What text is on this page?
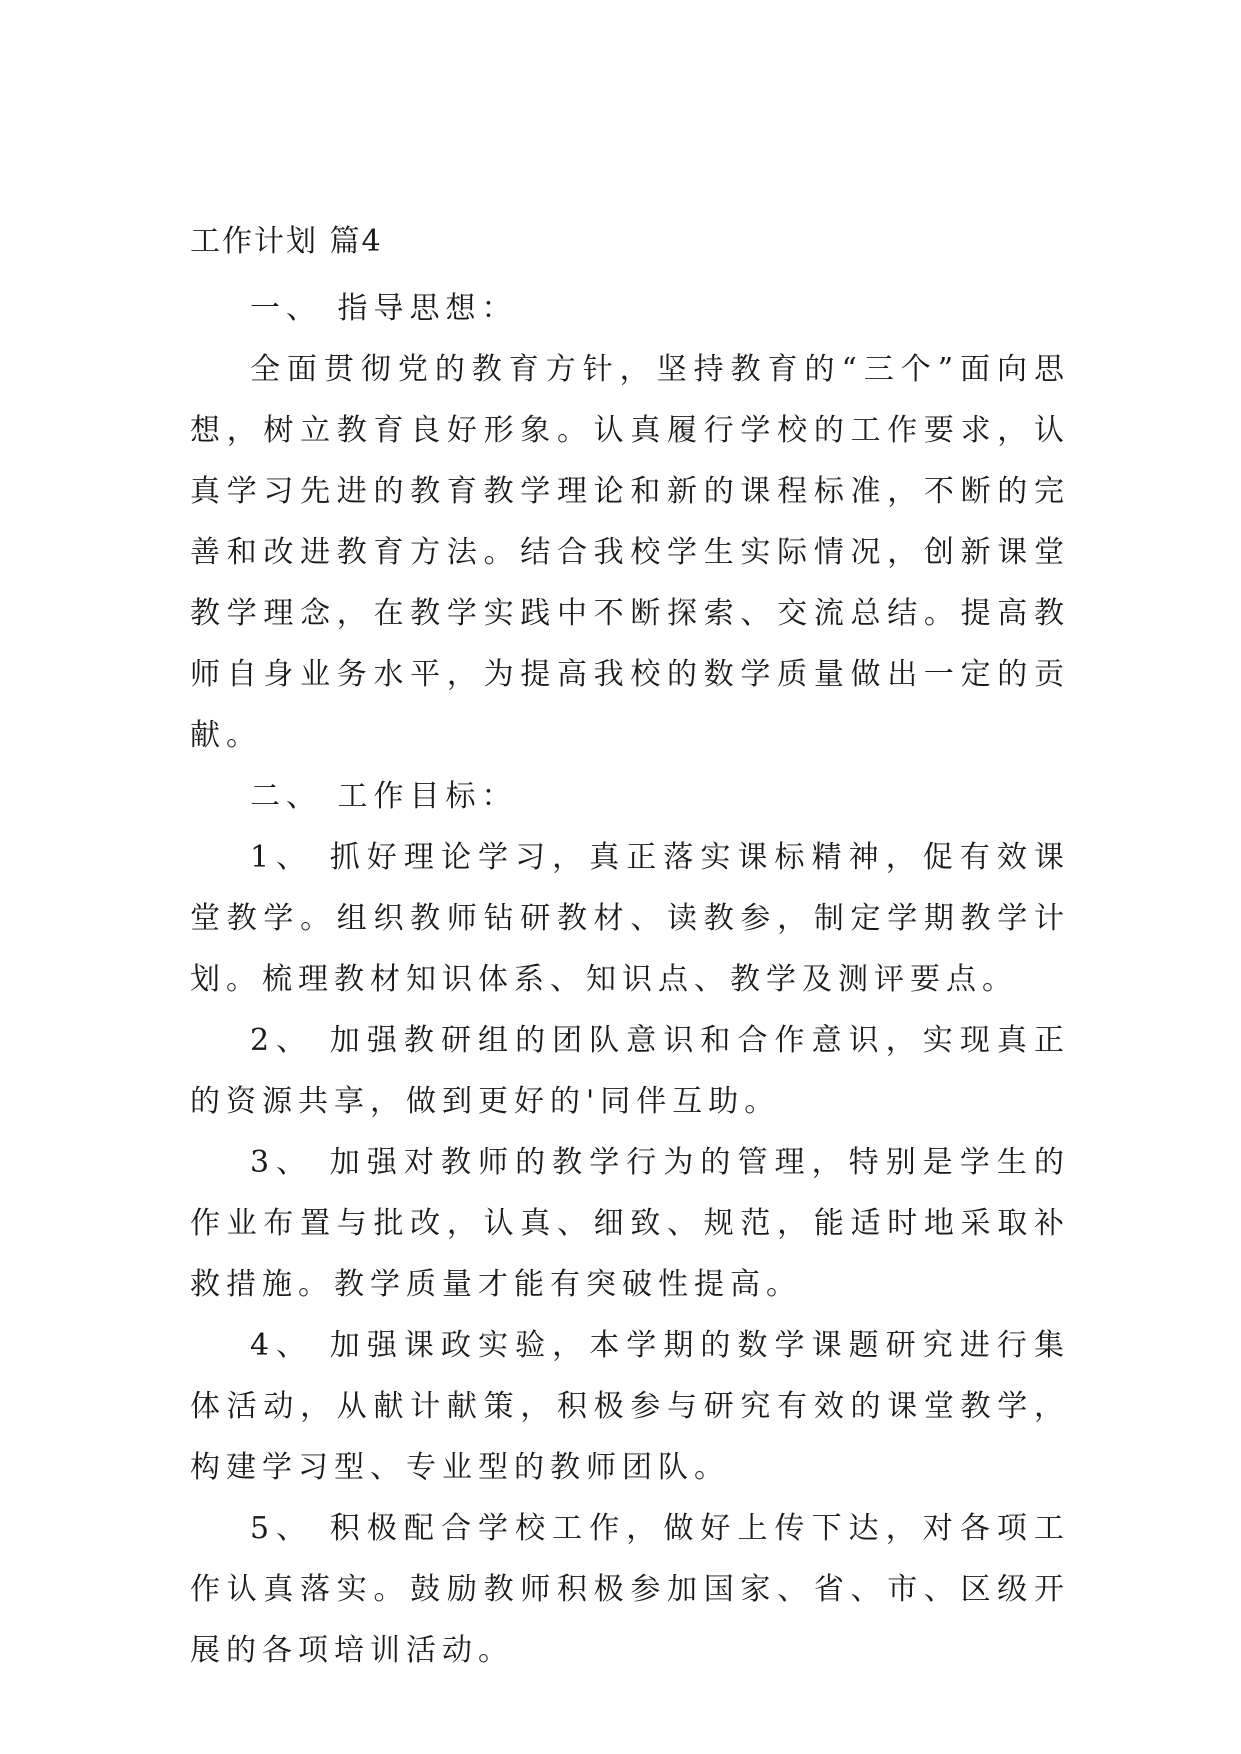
工作计划 篇4

一、 指导思想：

全面贯彻党的教育方针，坚持教育的“三个”面向思想，树立教育良好形象。认真履行学校的工作要求，认真学习先进的教育教学理论和新的课程标准，不断的完善和改进教育方法。结合我校学生实际情况，创新课堂教学理念，在教学实践中不断探索、交流总结。提高教师自身业务水平，为提高我校的数学质量做出一定的贡献。

二、 工作目标：

1、 抓好理论学习，真正落实课标精神，促有效课堂教学。组织教师钻研教材、读教参，制定学期教学计划。梳理教材知识体系、知识点、教学及测评要点。

2、 加强教研组的团队意识和合作意识，实现真正的资源共享，做到更好的'同伴互助。

3、 加强对教师的教学行为的管理，特别是学生的作业布置与批改，认真、细致、规范，能适时地采取补救措施。教学质量才能有突破性提高。

4、 加强课政实验，本学期的数学课题研究进行集体活动，从献计献策，积极参与研究有效的课堂教学，构建学习型、专业型的教师团队。

5、 积极配合学校工作，做好上传下达，对各项工作认真落实。鼓励教师积极参加国家、省、市、区级开展的各项培训活动。
